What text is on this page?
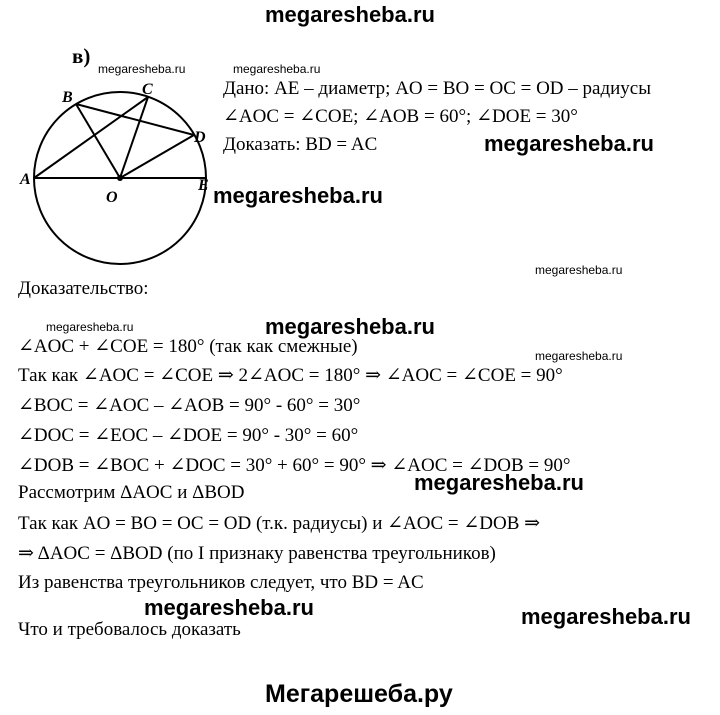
megaresheba.ru
в)
megaresheba.ru	megaresheba.ru
A
B	C
D
O
E
Дано: AE – диаметр; AO = BO = OC = OD – радиусы
∠AOC = ∠COE; ∠AOB = 60°; ∠DOE = 30°
Доказать: BD = AC	megaresheba.ru
megaresheba.ru
megaresheba.ru
Доказательство:
megaresheba.ru	megaresheba.ru
megaresheba.ru
∠AOC + ∠COE = 180° (так как смежные)
Так как ∠AOC = ∠COE ⇒ 2∠AOC = 180° ⇒ ∠AOC = ∠COE = 90°
∠BOC = ∠AOC – ∠AOB = 90° - 60° = 30°
∠DOC = ∠EOC – ∠DOE = 90° - 30° = 60°
∠DOB = ∠BOC + ∠DOC = 30° + 60° = 90° ⇒ ∠AOC = ∠DOB = 90°
Рассмотрим ΔAOC и ΔBOD	megaresheba.ru
Так как AO = BO = OC = OD (т.к. радиусы) и ∠AOC = ∠DOB ⇒
⇒ ΔAOC = ΔBOD (по I признаку равенства треугольников)
Из равенства треугольников следует, что BD = AC
megaresheba.ru	megaresheba.ru
Что и требовалось доказать
Мегарешеба.ру
